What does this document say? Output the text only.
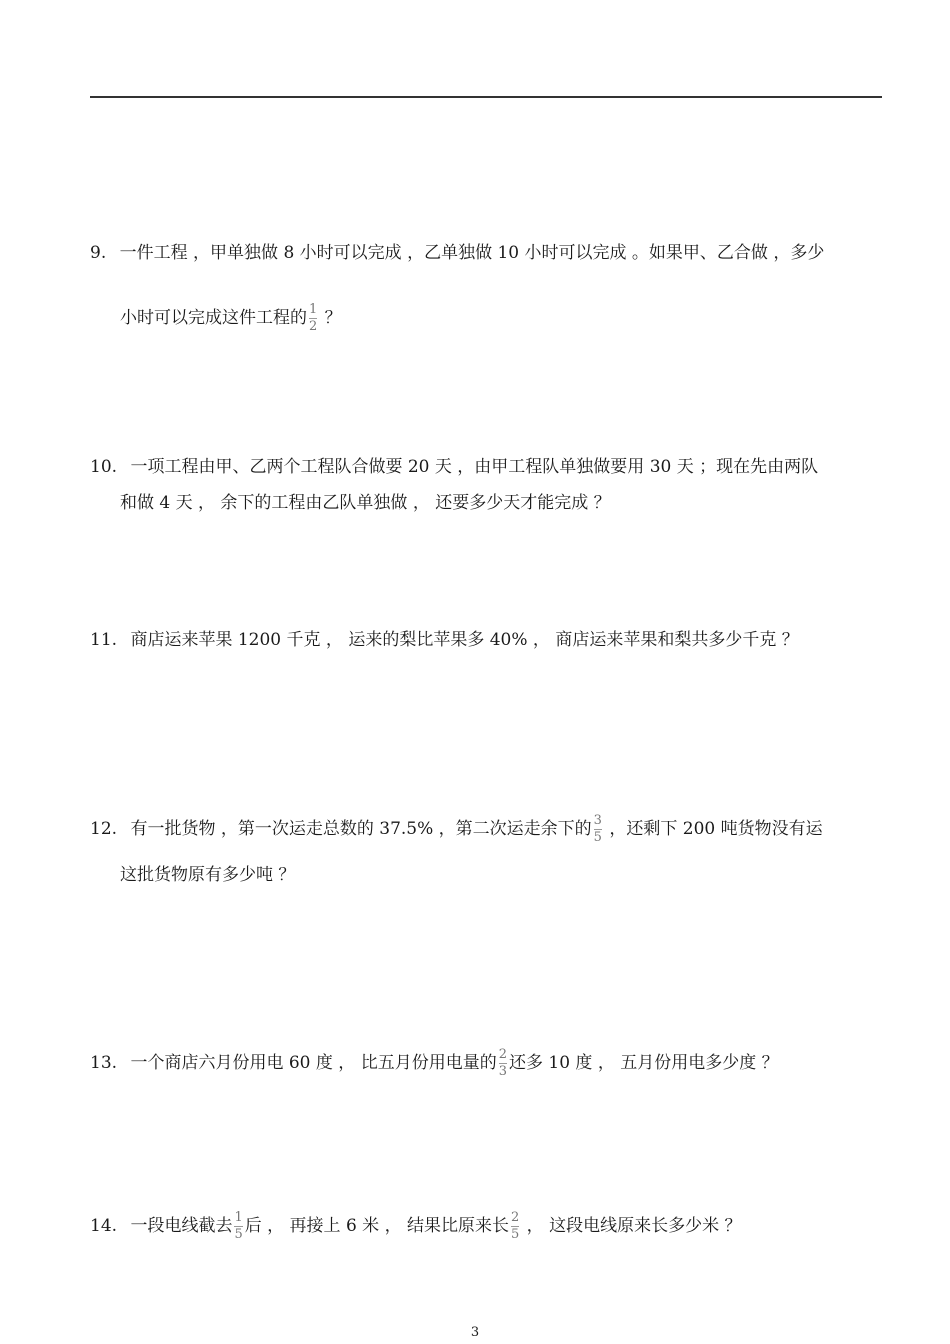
9. 一件工程 ，甲单独做 8 小时可以完成 ，乙单独做 10 小时可以完成 。如果甲、乙合做 ，多少
小时可以完成这件工程的 $\frac{1}{2}$ ？
10. 一项工程由甲、乙两个工程队合做要 20 天 ，由甲工程队单独做要用 30 天 ；现在先由两队
和做 4 天 ， 余下的工程由乙队单独做 ， 还要多少天才能完成 ？
11. 商店运来苹果 1200 千克 ， 运来的梨比苹果多 40% ， 商店运来苹果和梨共多少千克 ？
12. 有一批货物 ，第一次运走总数的 37.5% ，第二次运走余下的 $\frac{3}{5}$ ，还剩下 200 吨货物没有运
这批货物原有多少吨 ？
13. 一个商店六月份用电 60 度 ， 比五月份用电量的 $\frac{2}{3}$ 还多 10 度 ， 五月份用电多少度 ？
14. 一段电线截去 $\frac{1}{5}$ 后 ， 再接上 6 米 ， 结果比原来长 $\frac{2}{5}$ ， 这段电线原来长多少米 ？
3
